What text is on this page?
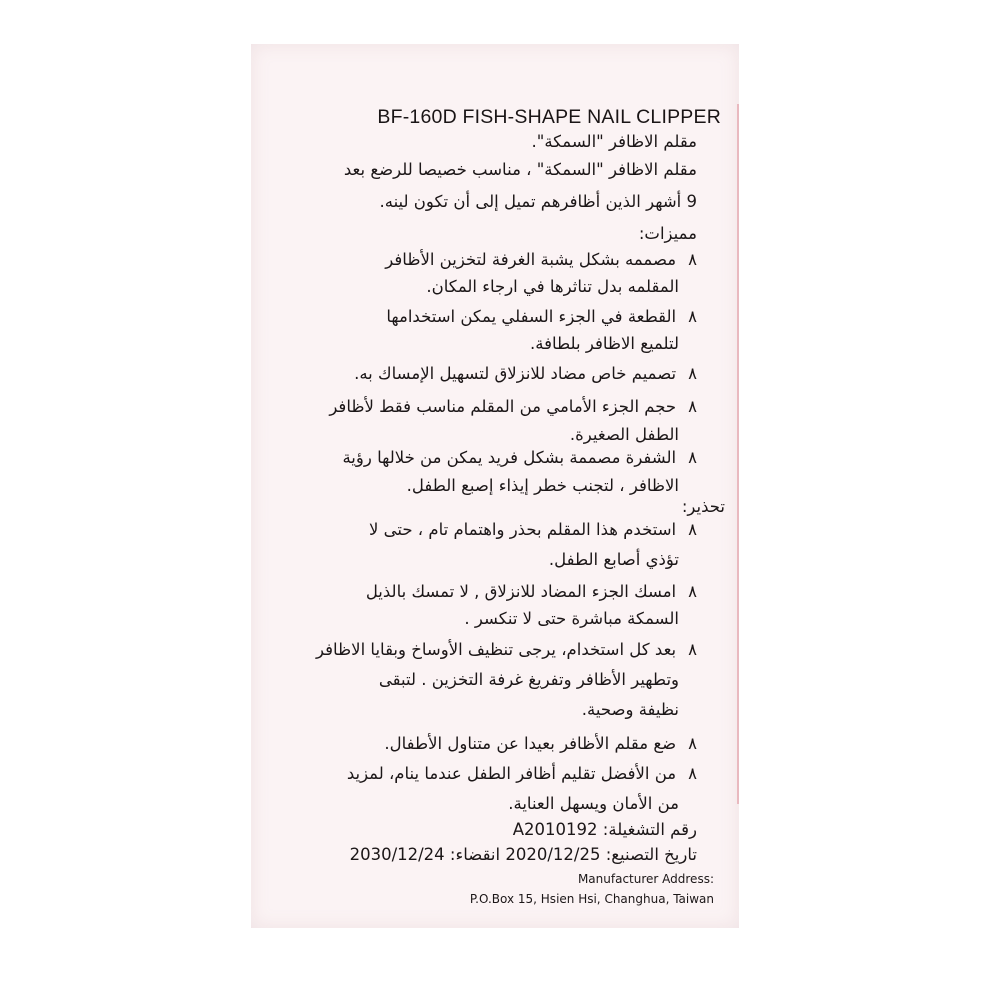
BF-160D FISH-SHAPE NAIL CLIPPER
مقلم الاظافر "السمكة".
مقلم الاظافر "السمكة" ، مناسب خصيصا للرضع بعد
9 أشهر الذين أظافرهم تميل إلى أن تكون لينه.
مميزات:
٨مصممه بشكل يشبة الغرفة لتخزين الأظافر
المقلمه بدل تناثرها في ارجاء المكان.
٨القطعة في الجزء السفلي يمكن استخدامها
لتلميع الاظافر بلطافة.
٨تصميم خاص مضاد للانزلاق لتسهيل الإمساك به.
٨حجم الجزء الأمامي من المقلم مناسب فقط لأظافر
الطفل الصغيرة.
٨الشفرة مصممة بشكل فريد يمكن من خلالها رؤية
الاظافر ، لتجنب خطر إيذاء إصبع الطفل.
تحذير:
٨استخدم هذا المقلم بحذر واهتمام تام ، حتى لا
تؤذي أصابع الطفل.
٨امسك الجزء المضاد للانزلاق , لا تمسك بالذيل
السمكة مباشرة حتى لا تنكسر .
٨بعد كل استخدام، يرجى تنظيف الأوساخ وبقايا الاظافر
وتطهير الأظافر وتفريغ غرفة التخزين . لتبقى
نظيفة وصحية.
٨ضع مقلم الأظافر بعيدا عن متناول الأطفال.
٨من الأفضل تقليم أظافر الطفل عندما ينام، لمزيد
من الأمان ويسهل العناية.
رقم التشغيلة: A2010192
تاريخ التصنيع: 2020/12/25 انقضاء: 2030/12/24
Manufacturer Address:
P.O.Box 15, Hsien Hsi, Changhua, Taiwan
